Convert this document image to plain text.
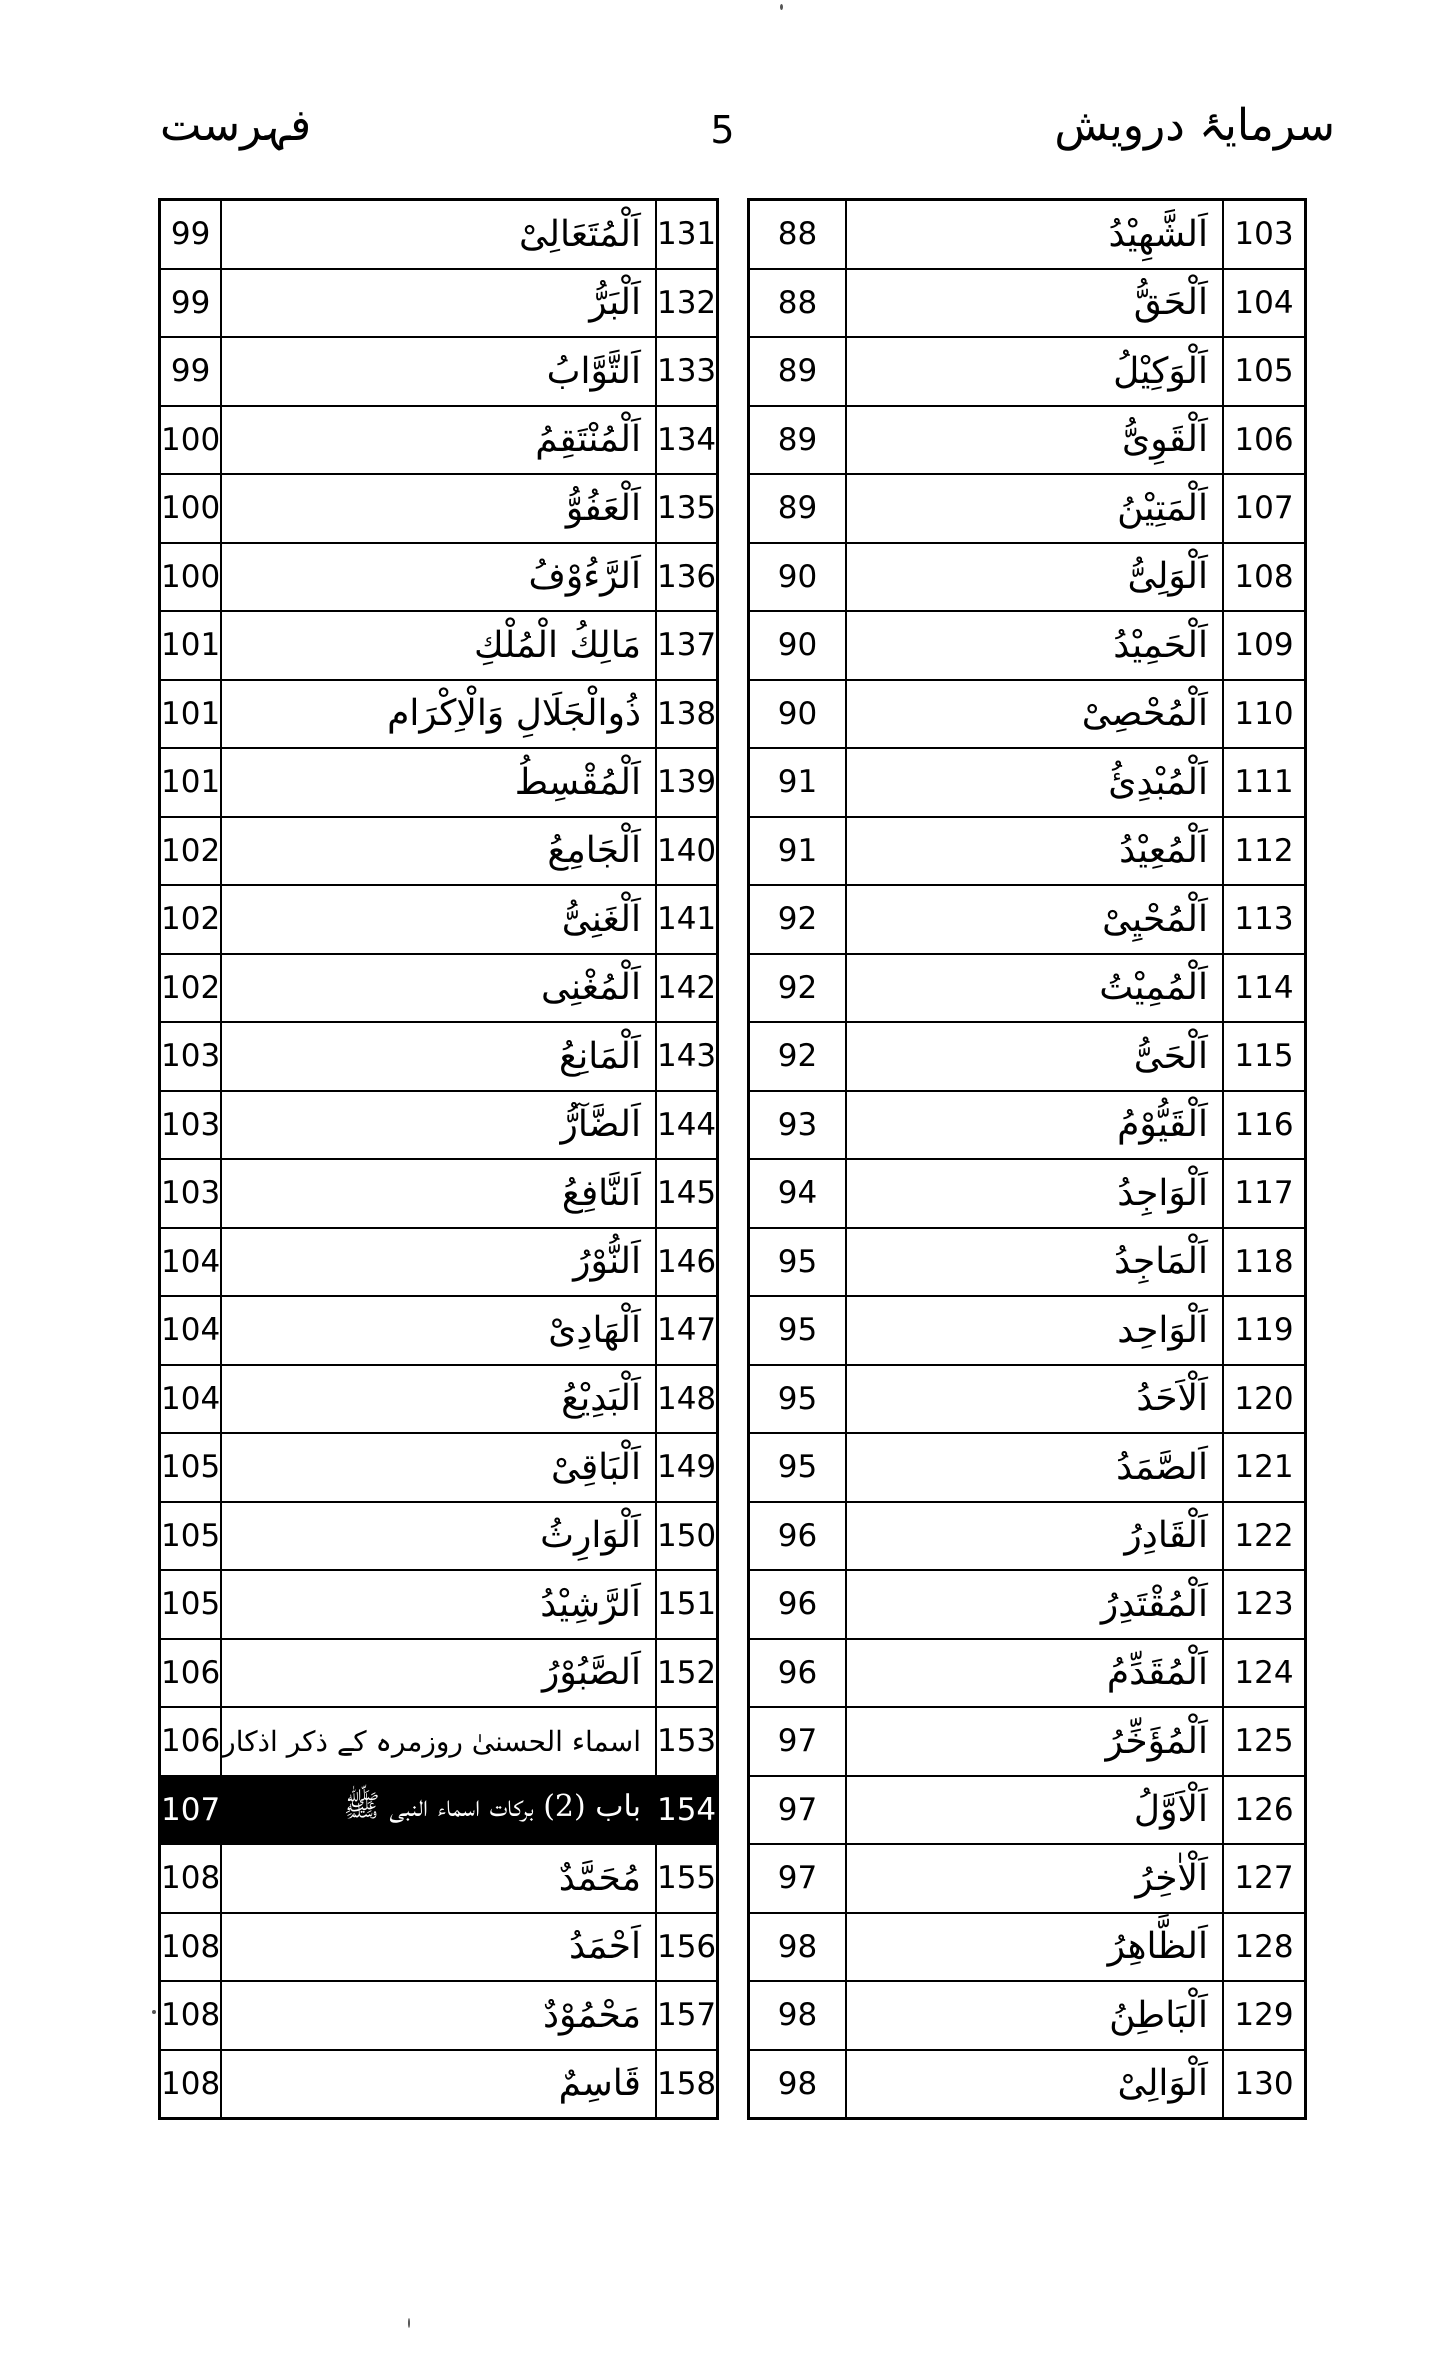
سرمایۂ درویش
5
فہرست
99	اَلْمُتَعَالِیْ	131
99	اَلْبَرُّ	132
99	اَلتَّوَّابُ	133
100	اَلْمُنْتَقِمُ	134
100	اَلْعَفُوُّ	135
100	اَلرَّءُوْفُ	136
101	مَالِكُ الْمُلْكِ	137
101	ذُوالْجَلَالِ وَالْاِكْرَام	138
101	اَلْمُقْسِطُ	139
102	اَلْجَامِعُ	140
102	اَلْغَنِیُّ	141
102	اَلْمُغْنِی	142
103	اَلْمَانِعُ	143
103	اَلضَّآرُّ	144
103	اَلنَّافِعُ	145
104	اَلنُّوْرُ	146
104	اَلْهَادِیْ	147
104	اَلْبَدِیْعُ	148
105	اَلْبَاقِیْ	149
105	اَلْوَارِثُ	150
105	اَلرَّشِیْدُ	151
106	اَلصَّبُوْرُ	152
106	اسماء الحسنیٰ روزمرہ کے ذکر اذکار	153
107	باب (2) برکات اسماء النبی ﷺ	154
108	مُحَمَّدٌ	155
108	اَحْمَدُ	156
108	مَحْمُوْدٌ	157
108	قَاسِمٌ	158
88	اَلشَّهِيْدُ	103
88	اَلْحَقُّ	104
89	اَلْوَكِيْلُ	105
89	اَلْقَوِیُّ	106
89	اَلْمَتِيْنُ	107
90	اَلْوَلِیُّ	108
90	اَلْحَمِيْدُ	109
90	اَلْمُحْصِیْ	110
91	اَلْمُبْدِئُ	111
91	اَلْمُعِيْدُ	112
92	اَلْمُحْيِیْ	113
92	اَلْمُمِيْتُ	114
92	اَلْحَیُّ	115
93	اَلْقَيُّوْمُ	116
94	اَلْوَاجِدُ	117
95	اَلْمَاجِدُ	118
95	اَلْوَاحِد	119
95	اَلْاَحَدُ	120
95	اَلصَّمَدُ	121
96	اَلْقَادِرُ	122
96	اَلْمُقْتَدِرُ	123
96	اَلْمُقَدِّمُ	124
97	اَلْمُؤَخِّرُ	125
97	اَلْاَوَّلُ	126
97	اَلْاٰخِرُ	127
98	اَلظَّاهِرُ	128
98	اَلْبَاطِنُ	129
98	اَلْوَالِیْ	130
